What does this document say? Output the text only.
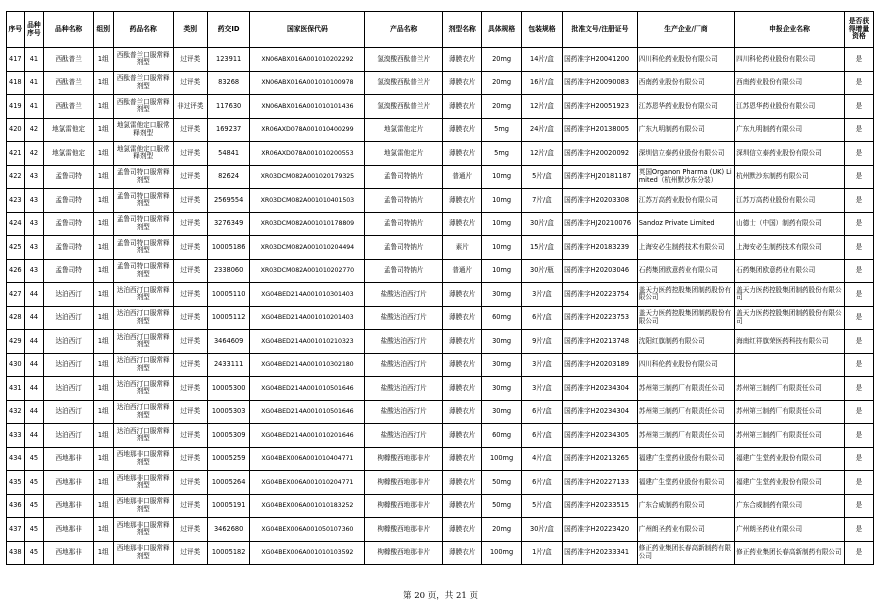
序号	品种序号	品种名称	组别	药品名称	类别	药交ID	国家医保代码	产品名称	剂型名称	具体规格	包装规格	批准文号/注册证号	生产企业/厂商	申报企业名称	是否获得增量资格
417	41	西酞普兰	1组	西酞普兰口服常释剂型	过评类	123911	XN06ABX016A001010202292	氢溴酸西酞普兰片	薄膜衣片	20mg	14片/盒	国药准字H20041200	四川科伦药业股份有限公司	四川科伦药业股份有限公司	是
418	41	西酞普兰	1组	西酞普兰口服常释剂型	过评类	83268	XN06ABX016A001010100978	氢溴酸西酞普兰片	薄膜衣片	20mg	16片/盒	国药准字H20090083	西南药业股份有限公司	西南药业股份有限公司	是
419	41	西酞普兰	1组	西酞普兰口服常释剂型	非过评类	117630	XN06ABX016A001010101436	氢溴酸西酞普兰片	薄膜衣片	20mg	12片/盒	国药准字H20051923	江苏恩华药业股份有限公司	江苏恩华药业股份有限公司	是
420	42	地氯雷他定	1组	地氯雷他定口服常释剂型	过评类	169237	XR06AXD078A001010400299	地氯雷他定片	薄膜衣片	5mg	24片/盒	国药准字H20138005	广东九明制药有限公司	广东九明制药有限公司	是
421	42	地氯雷他定	1组	地氯雷他定口服常释剂型	过评类	54841	XR06AXD078A001010200553	地氯雷他定片	薄膜衣片	5mg	12片/盒	国药准字H20020092	深圳信立泰药业股份有限公司	深圳信立泰药业股份有限公司	是
422	43	孟鲁司特	1组	孟鲁司特口服常释剂型	过评类	82624	XR03DCM082A001020179325	孟鲁司特钠片	普通片	10mg	5片/盒	国药准字HJ20181187	英国Organon Pharma (UK) Limited（杭州默沙东分装）	杭州默沙东制药有限公司	是
423	43	孟鲁司特	1组	孟鲁司特口服常释剂型	过评类	2569554	XR03DCM082A001010401503	孟鲁司特钠片	薄膜衣片	10mg	7片/盒	国药准字H20203308	江苏万高药业股份有限公司	江苏万高药业股份有限公司	是
424	43	孟鲁司特	1组	孟鲁司特口服常释剂型	过评类	3276349	XR03DCM082A001010178809	孟鲁司特钠片	薄膜衣片	10mg	30片/盒	国药准字HJ20210076	Sandoz Private Limited	山德士（中国）制药有限公司	是
425	43	孟鲁司特	1组	孟鲁司特口服常释剂型	过评类	10005186	XR03DCM082A001010204494	孟鲁司特钠片	素片	10mg	15片/盒	国药准字H20183239	上海安必生制药技术有限公司	上海安必生制药技术有限公司	是
426	43	孟鲁司特	1组	孟鲁司特口服常释剂型	过评类	2338060	XR03DCM082A001010202770	孟鲁司特钠片	普通片	10mg	30片/瓶	国药准字H20203046	石药集团欧意药业有限公司	石药集团欧意药业有限公司	是
427	44	达泊西汀	1组	达泊西汀口服常释剂型	过评类	10005110	XG04BED214A001010301403	盐酸达泊西汀片	薄膜衣片	30mg	3片/盒	国药准字H20223754	盖天力医药控股集团制药股份有限公司	盖天力医药控股集团制药股份有限公司	是
428	44	达泊西汀	1组	达泊西汀口服常释剂型	过评类	10005112	XG04BED214A001010201403	盐酸达泊西汀片	薄膜衣片	60mg	6片/盒	国药准字H20223753	盖天力医药控股集团制药股份有限公司	盖天力医药控股集团制药股份有限公司	是
429	44	达泊西汀	1组	达泊西汀口服常释剂型	过评类	3464609	XG04BED214A001010210323	盐酸达泊西汀片	薄膜衣片	30mg	9片/盒	国药准字H20213748	沈阳红旗制药有限公司	海南红祥旗荣医药科技有限公司	是
430	44	达泊西汀	1组	达泊西汀口服常释剂型	过评类	2433111	XG04BED214A001010302180	盐酸达泊西汀片	薄膜衣片	30mg	3片/盒	国药准字H20203189	四川科伦药业股份有限公司		是
431	44	达泊西汀	1组	达泊西汀口服常释剂型	过评类	10005300	XG04BED214A001010501646	盐酸达泊西汀片	薄膜衣片	30mg	3片/盒	国药准字H20234304	苏州第三制药厂有限责任公司	苏州第三制药厂有限责任公司	是
432	44	达泊西汀	1组	达泊西汀口服常释剂型	过评类	10005303	XG04BED214A001010501646	盐酸达泊西汀片	薄膜衣片	30mg	6片/盒	国药准字H20234304	苏州第三制药厂有限责任公司	苏州第三制药厂有限责任公司	是
433	44	达泊西汀	1组	达泊西汀口服常释剂型	过评类	10005309	XG04BED214A001010201646	盐酸达泊西汀片	薄膜衣片	60mg	6片/盒	国药准字H20234305	苏州第三制药厂有限责任公司	苏州第三制药厂有限责任公司	是
434	45	西地那非	1组	西地那非口服常释剂型	过评类	10005259	XG04BEX006A001010404771	枸橼酸西地那非片	薄膜衣片	100mg	4片/盒	国药准字H20213265	福建广生堂药业股份有限公司	福建广生堂药业股份有限公司	是
435	45	西地那非	1组	西地那非口服常释剂型	过评类	10005264	XG04BEX006A001010204771	枸橼酸西地那非片	薄膜衣片	50mg	6片/盒	国药准字H20227133	福建广生堂药业股份有限公司	福建广生堂药业股份有限公司	是
436	45	西地那非	1组	西地那非口服常释剂型	过评类	10005191	XG04BEX006A001010183252	枸橼酸西地那非片	薄膜衣片	50mg	5片/盒	国药准字H20233515	广东合威制药有限公司	广东合威制药有限公司	是
437	45	西地那非	1组	西地那非口服常释剂型	过评类	3462680	XG04BEX006A001050107360	枸橼酸西地那非片	薄膜衣片	20mg	30片/盒	国药准字H20223420	广州朗圣药业有限公司	广州朗圣药业有限公司	是
438	45	西地那非	1组	西地那非口服常释剂型	过评类	10005182	XG04BEX006A001010103592	枸橼酸西地那非片	薄膜衣片	100mg	1片/盒	国药准字H20233341	修正药业集团长春高新制药有限公司	修正药业集团长春高新制药有限公司	是
第 20 页，共 21 页
